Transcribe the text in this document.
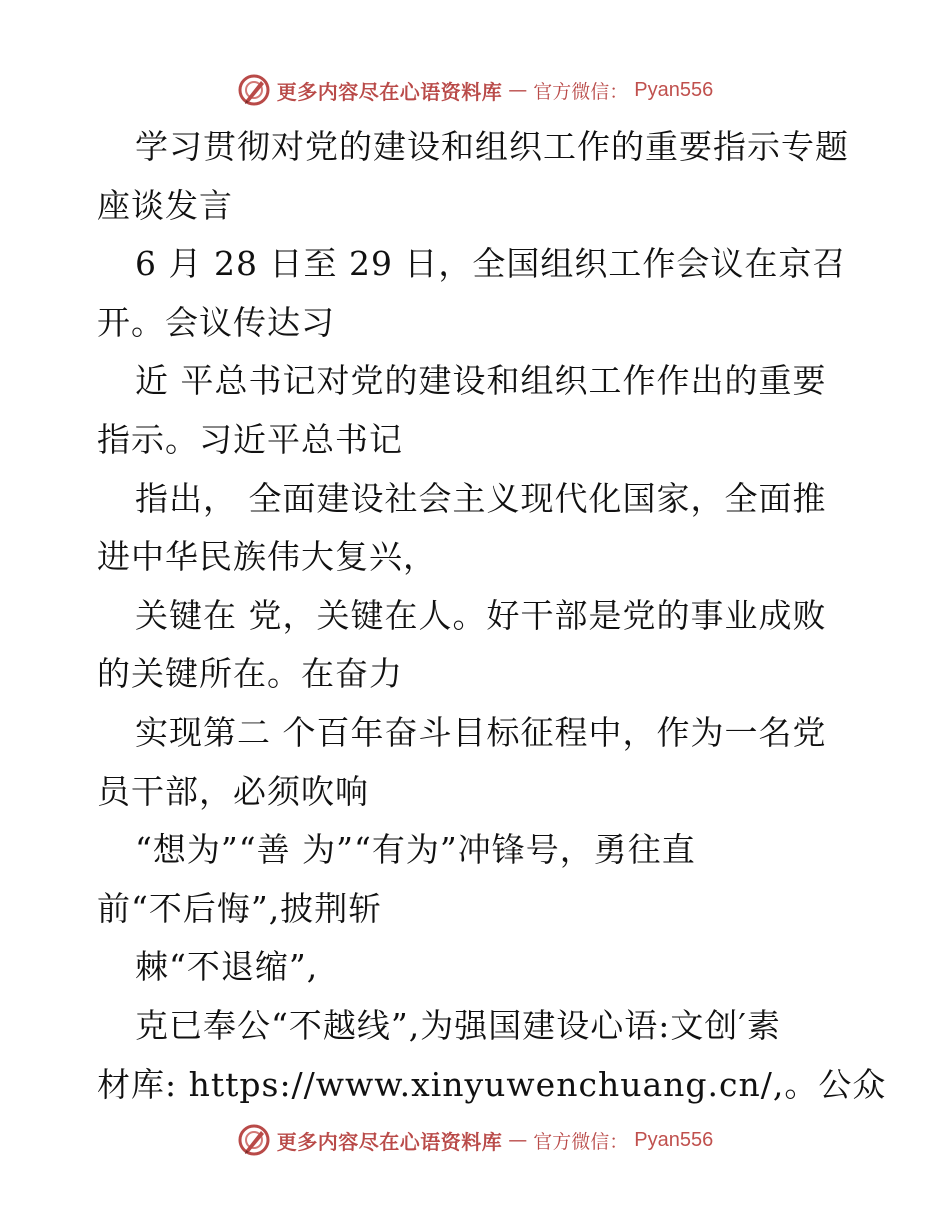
更多内容尽在心语资料库 — 官方微信： Pyan556
学习贯彻对党的建设和组织工作的重要指示专题
座谈发言
6 月 28 日至 29 日，全国组织工作会议在京召
开。会议传达习
近 平总书记对党的建设和组织工作作出的重要
指示。习近平总书记
指出， 全面建设社会主义现代化国家，全面推
进中华民族伟大复兴，
关键在 党，关键在人。好干部是党的事业成败
的关键所在。在奋力
实现第二 个百年奋斗目标征程中，作为一名党
员干部，必须吹响
“想为”“善 为”“有为”冲锋号，勇往直
前“不后悔”,披荆斩
棘“不退缩”,
克已奉公“不越线”,为强国建设心语:文创′素
材库: https://www.xinyuwenchuang.cn/,。公众
更多内容尽在心语资料库 — 官方微信： Pyan556
